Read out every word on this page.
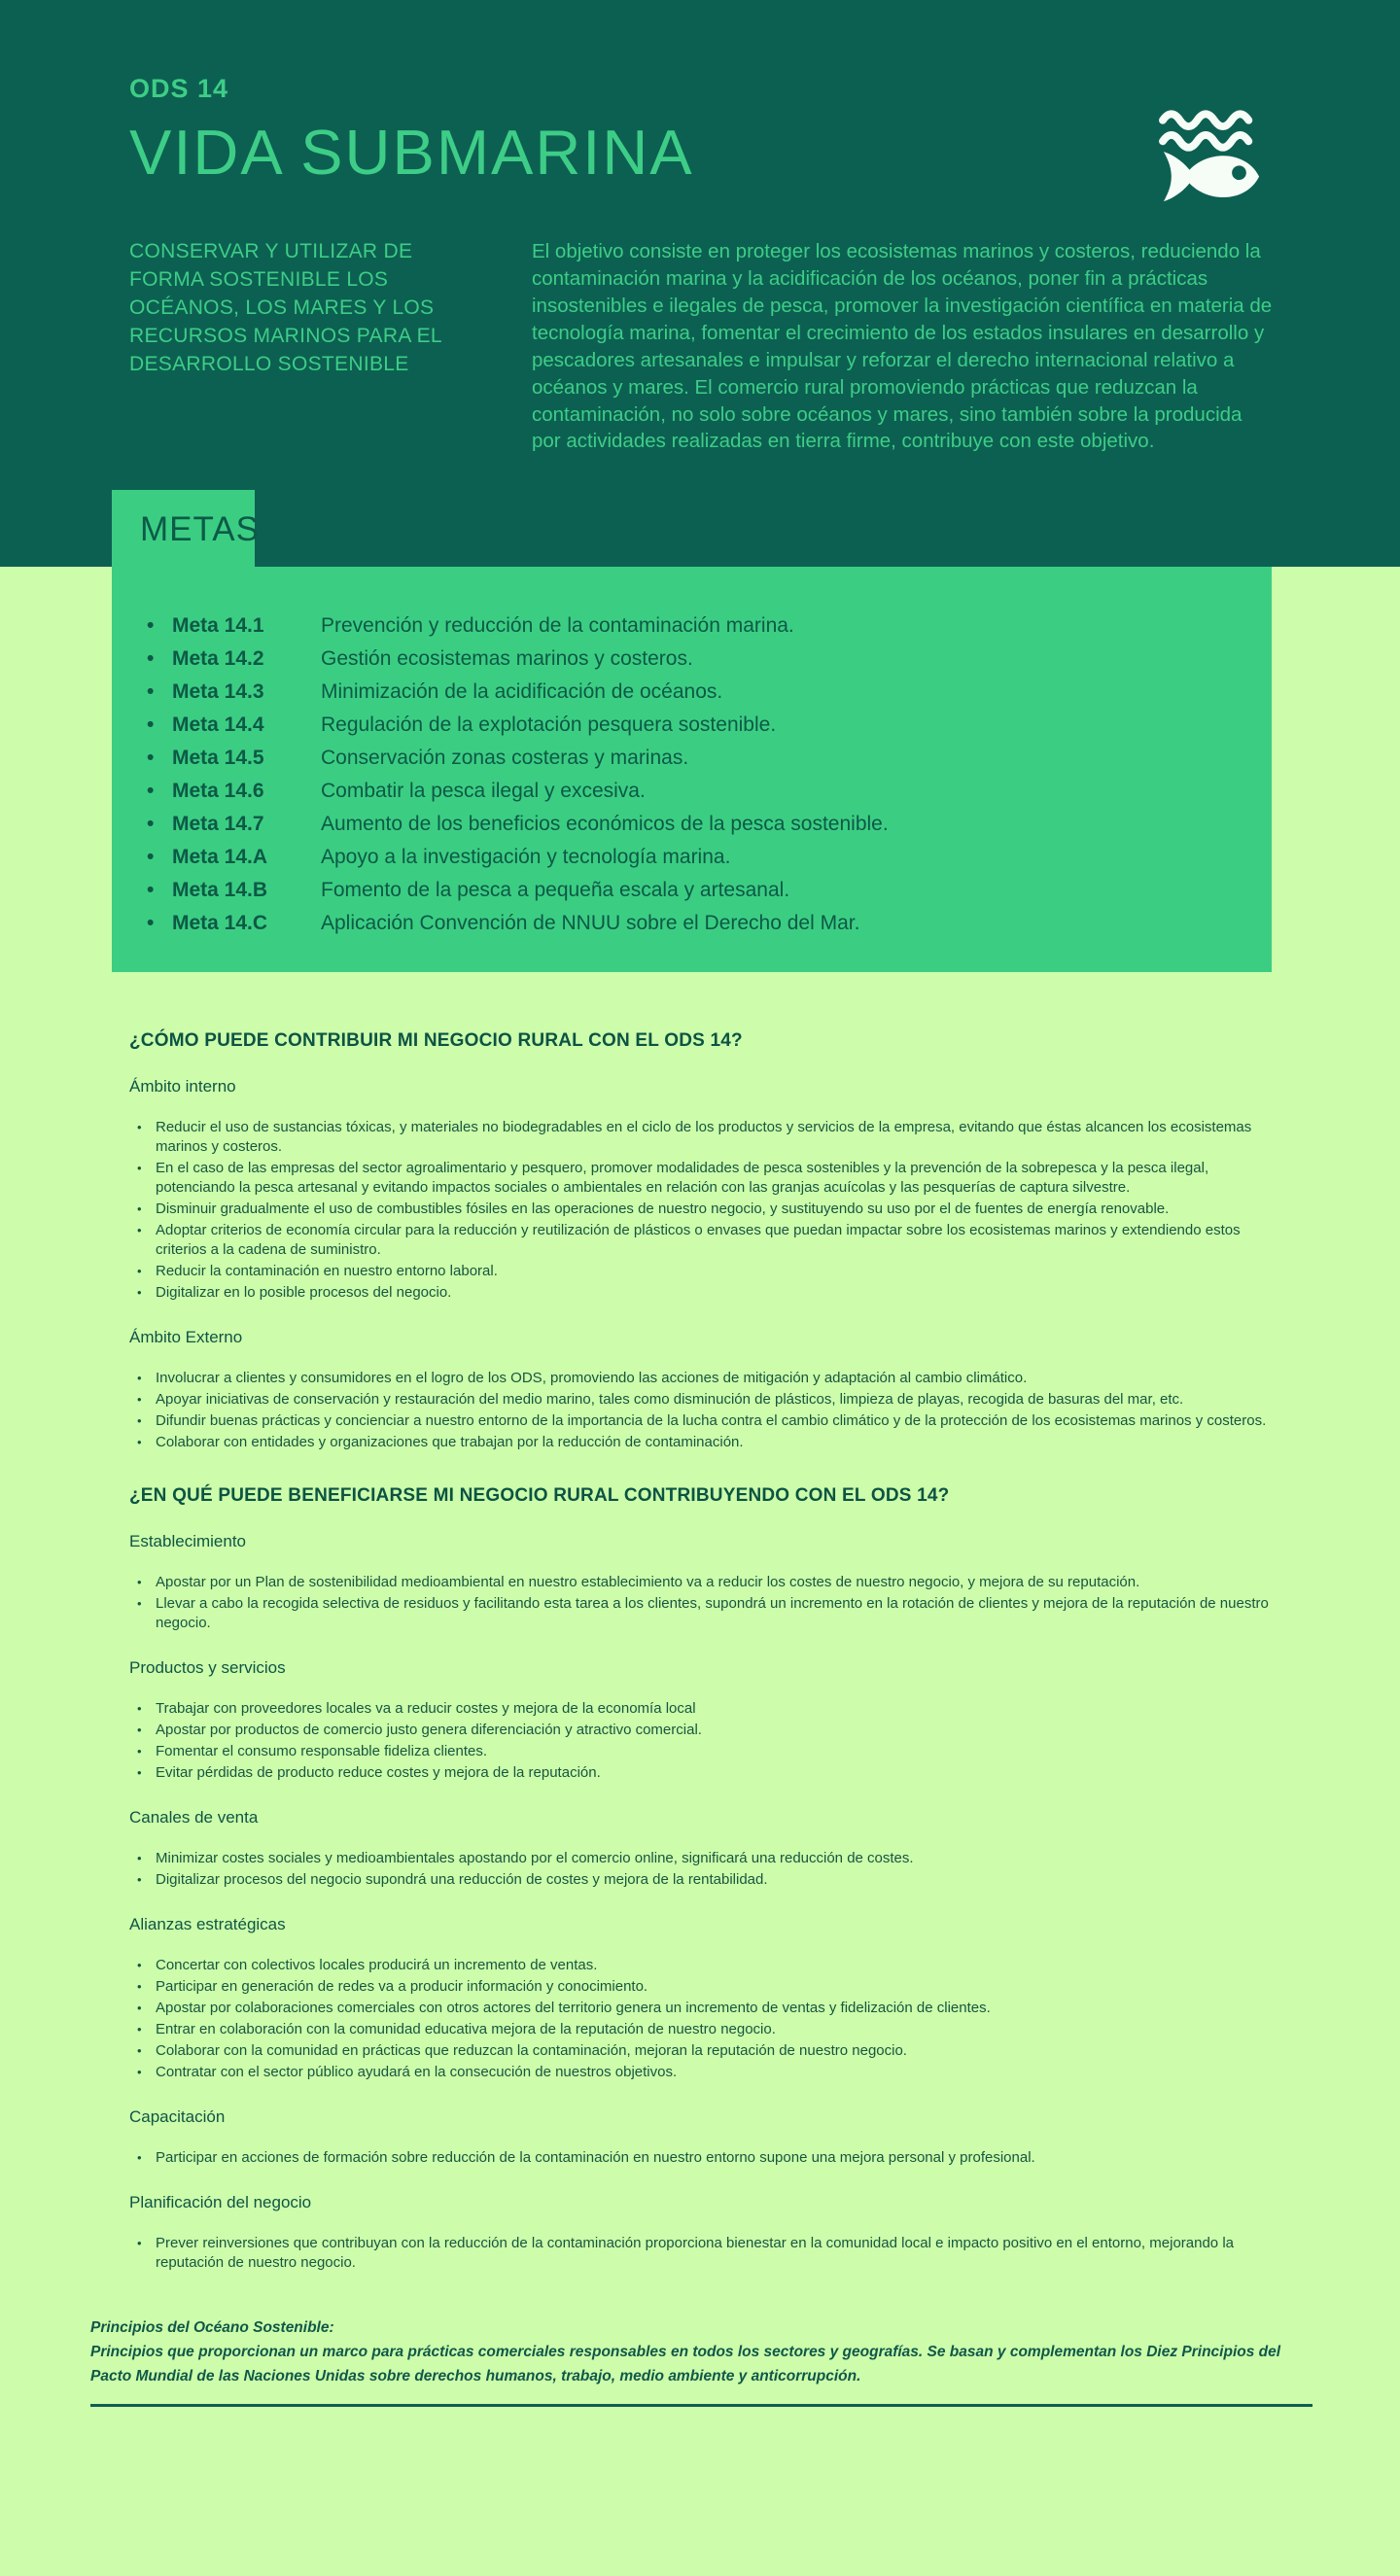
ODS 14
VIDA SUBMARINA
CONSERVAR Y UTILIZAR DE FORMA SOSTENIBLE LOS OCÉANOS, LOS MARES Y LOS RECURSOS MARINOS PARA EL DESARROLLO SOSTENIBLE

El objetivo consiste en proteger los ecosistemas marinos y costeros, reduciendo la contaminación marina y la acidificación de los océanos, poner fin a prácticas insostenibles e ilegales de pesca, promover la investigación científica en materia de tecnología marina, fomentar el crecimiento de los estados insulares en desarrollo y pescadores artesanales e impulsar y reforzar el derecho internacional relativo a océanos y mares. El comercio rural promoviendo prácticas que reduzcan la contaminación, no solo sobre océanos y mares, sino también sobre la producida por actividades realizadas en tierra firme, contribuye con este objetivo.

METAS
• Meta 14.1	Prevención y reducción de la contaminación marina.
• Meta 14.2	Gestión ecosistemas marinos y costeros.
• Meta 14.3	Minimización de la acidificación de océanos.
• Meta 14.4	Regulación de la explotación pesquera sostenible.
• Meta 14.5	Conservación zonas costeras y marinas.
• Meta 14.6	Combatir la pesca ilegal y excesiva.
• Meta 14.7	Aumento de los beneficios económicos de la pesca sostenible.
• Meta 14.A	Apoyo a la investigación y tecnología marina.
• Meta 14.B	Fomento de la pesca a pequeña escala y artesanal.
• Meta 14.C	Aplicación Convención de NNUU sobre el Derecho del Mar.
¿CÓMO PUEDE CONTRIBUIR MI NEGOCIO RURAL CON EL ODS 14?
Ámbito interno
• Reducir el uso de sustancias tóxicas, y materiales no biodegradables en el ciclo de los productos y servicios de la empresa, evitando que éstas alcancen los ecosistemas marinos y costeros.
• En el caso de las empresas del sector agroalimentario y pesquero, promover modalidades de pesca sostenibles y la prevención de la sobrepesca y la pesca ilegal, potenciando la pesca artesanal y evitando impactos sociales o ambientales en relación con las granjas acuícolas y las pesquerías de captura silvestre.
• Disminuir gradualmente el uso de combustibles fósiles en las operaciones de nuestro negocio, y sustituyendo su uso por el de fuentes de energía renovable.
• Adoptar criterios de economía circular para la reducción y reutilización de plásticos o envases que puedan impactar sobre los ecosistemas marinos y extendiendo estos criterios a la cadena de suministro.
• Reducir la contaminación en nuestro entorno laboral.
• Digitalizar en lo posible procesos del negocio.
Ámbito Externo
• Involucrar a clientes y consumidores en el logro de los ODS, promoviendo las acciones de mitigación y adaptación al cambio climático.
• Apoyar iniciativas de conservación y restauración del medio marino, tales como disminución de plásticos, limpieza de playas, recogida de basuras del mar, etc.
• Difundir buenas prácticas y concienciar a nuestro entorno de la importancia de la lucha contra el cambio climático y de la protección de los ecosistemas marinos y costeros.
• Colaborar con entidades y organizaciones que trabajan por la reducción de contaminación.
¿EN QUÉ PUEDE BENEFICIARSE MI NEGOCIO RURAL CONTRIBUYENDO CON EL ODS 14?
Establecimiento
• Apostar por un Plan de sostenibilidad medioambiental en nuestro establecimiento va a reducir los costes de nuestro negocio, y mejora de su reputación.
• Llevar a cabo la recogida selectiva de residuos y facilitando esta tarea a los clientes, supondrá un incremento en la rotación de clientes y mejora de la reputación de nuestro negocio.
Productos y servicios
• Trabajar con proveedores locales va a reducir costes y mejora de la economía local
• Apostar por productos de comercio justo genera diferenciación y atractivo comercial.
• Fomentar el consumo responsable fideliza clientes.
• Evitar pérdidas de producto reduce costes y mejora de la reputación.
Canales de venta
• Minimizar costes sociales y medioambientales apostando por el comercio online, significará una reducción de costes.
• Digitalizar procesos del negocio supondrá una reducción de costes y mejora de la rentabilidad.
Alianzas estratégicas
• Concertar con colectivos locales producirá un incremento de ventas.
• Participar en generación de redes va a producir información y conocimiento.
• Apostar por colaboraciones comerciales con otros actores del territorio genera un incremento de ventas y fidelización de clientes.
• Entrar en colaboración con la comunidad educativa mejora de la reputación de nuestro negocio.
• Colaborar con la comunidad en prácticas que reduzcan la contaminación, mejoran la reputación de nuestro negocio.
• Contratar con el sector público ayudará en la consecución de nuestros objetivos.
Capacitación
• Participar en acciones de formación sobre reducción de la contaminación en nuestro entorno supone una mejora personal y profesional.
Planificación del negocio
• Prever reinversiones que contribuyan con la reducción de la contaminación proporciona bienestar en la comunidad local e impacto positivo en el entorno, mejorando la reputación de nuestro negocio.
Principios del Océano Sostenible:

Principios que proporcionan un marco para prácticas comerciales responsables en todos los sectores y geografías. Se basan y complementan los Diez Principios del Pacto Mundial de las Naciones Unidas sobre derechos humanos, trabajo, medio ambiente y anticorrupción.
